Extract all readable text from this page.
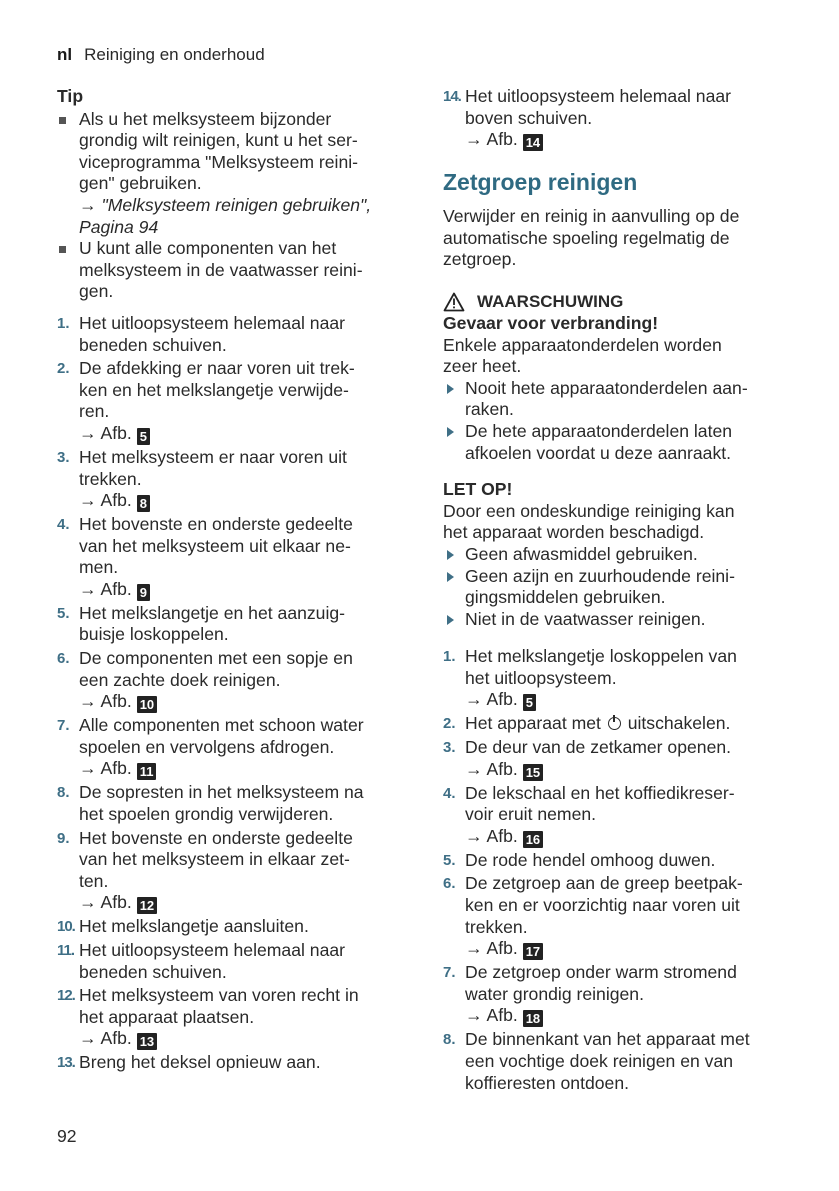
nl Reiniging en onderhoud
Tip
Als u het melksysteem bijzonder
grondig wilt reinigen, kunt u het ser-
viceprogramma "Melksysteem reini-
gen" gebruiken.
→ "Melksysteem reinigen gebruiken",
Pagina 94
U kunt alle componenten van het
melksysteem in de vaatwasser reini-
gen.
1. Het uitloopsysteem helemaal naar
beneden schuiven.
2. De afdekking er naar voren uit trek-
ken en het melkslangetje verwijde-
ren.
→ Afb. 5
3. Het melksysteem er naar voren uit
trekken.
→ Afb. 8
4. Het bovenste en onderste gedeelte
van het melksysteem uit elkaar ne-
men.
→ Afb. 9
5. Het melkslangetje en het aanzuig-
buisje loskoppelen.
6. De componenten met een sopje en
een zachte doek reinigen.
→ Afb. 10
7. Alle componenten met schoon water
spoelen en vervolgens afdrogen.
→ Afb. 11
8. De sopresten in het melksysteem na
het spoelen grondig verwijderen.
9. Het bovenste en onderste gedeelte
van het melksysteem in elkaar zet-
ten.
→ Afb. 12
10. Het melkslangetje aansluiten.
11. Het uitloopsysteem helemaal naar
beneden schuiven.
12. Het melksysteem van voren recht in
het apparaat plaatsen.
→ Afb. 13
13. Breng het deksel opnieuw aan.
14. Het uitloopsysteem helemaal naar
boven schuiven.
→ Afb. 14
Zetgroep reinigen
Verwijder en reinig in aanvulling op de
automatische spoeling regelmatig de
zetgroep.
WAARSCHUWING
Gevaar voor verbranding!
Enkele apparaatonderdelen worden
zeer heet.
Nooit hete apparaatonderdelen aan-
raken.
De hete apparaatonderdelen laten
afkoelen voordat u deze aanraakt.
LET OP!
Door een ondeskundige reiniging kan
het apparaat worden beschadigd.
Geen afwasmiddel gebruiken.
Geen azijn en zuurhoudende reini-
gingsmiddelen gebruiken.
Niet in de vaatwasser reinigen.
1. Het melkslangetje loskoppelen van
het uitloopsysteem.
→ Afb. 5
2. Het apparaat met  uitschakelen.
3. De deur van de zetkamer openen.
→ Afb. 15
4. De lekschaal en het koffiedikreser-
voir eruit nemen.
→ Afb. 16
5. De rode hendel omhoog duwen.
6. De zetgroep aan de greep beetpak-
ken en er voorzichtig naar voren uit
trekken.
→ Afb. 17
7. De zetgroep onder warm stromend
water grondig reinigen.
→ Afb. 18
8. De binnenkant van het apparaat met
een vochtige doek reinigen en van
koffieresten ontdoen.
92
